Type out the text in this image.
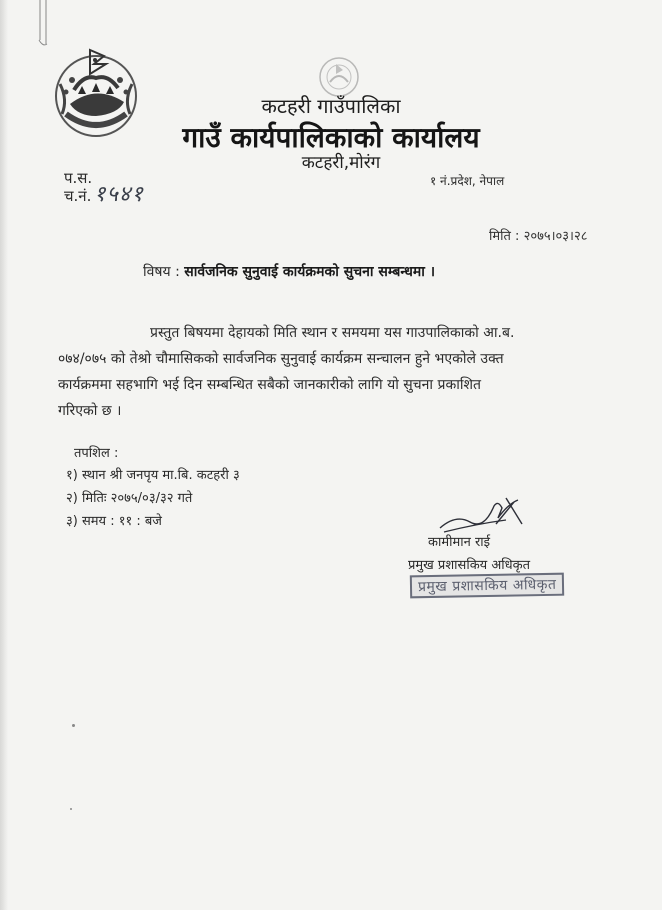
कटहरी गाउँपालिका
गाउँ कार्यपालिकाको कार्यालय
कटहरी,मोरंग
प.स.
च.नं. १५४१
१ नं.प्रदेश, नेपाल
मिति : २०७५।०३।२८
विषय : सार्वजनिक सुनुवाई कार्यक्रमको सुचना सम्बन्धमा ।
प्रस्तुत बिषयमा देहायको मिति स्थान र समयमा यस गाउपालिकाको आ.ब.
०७४/०७५ को तेश्रो चौमासिकको सार्वजनिक सुनुवाई कार्यक्रम सन्चालन हुने भएकोले उक्त
कार्यक्रममा सहभागि भई दिन सम्बन्धित सबैको जानकारीको लागि यो सुचना प्रकाशित
गरिएको छ ।
तपशिल :
१) स्थान श्री जनपृय मा.बि. कटहरी ३
२) मितिः २०७५/०३/३२ गते
३) समय : ११ : बजे
कामीमान राई
प्रमुख प्रशासकिय अधिकृत
प्रमुख प्रशासकिय अधिकृत
